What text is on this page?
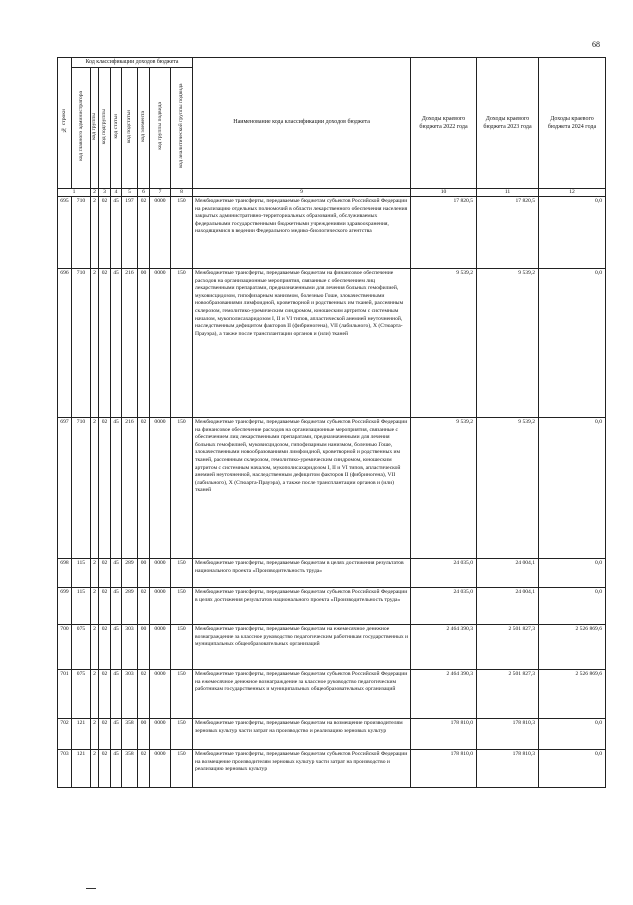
68
№ строки	Код классификации доходов бюджета								Наименование кода классификации доходов бюджета	Доходы краевого бюджета 2022 года	Доходы краевого бюджета 2023 года	Доходы краевого бюджета 2024 года
	код главного администратора	код группы	код подгруппы	код статьи	код подстатьи	код элемента	код группы подвида	код аналитической группы подвида				
1		2	3	4	5	6	7	8	9	10	11	12
695	710	2	02	45	197	02	0000	150	Межбюджетные трансферты, передаваемые бюджетам субъектов Российской Федерации на реализацию отдельных полномочий в области лекарственного обеспечения населения закрытых административно-территориальных образований, обслуживаемых федеральными государственными бюджетными учреждениями здравоохранения, находящимися в ведении Федерального медико-биологического агентства	17 820,5	17 820,5	0,0
696	710	2	02	45	216	00	0000	150	Межбюджетные трансферты, передаваемые бюджетам на финансовое обеспечение расходов на организационные мероприятия, связанные с обеспечением лиц лекарственными препаратами, предназначенными для лечения больных гемофилией, муковисцидозом, гипофизарным нанизмом, болезнью Гоше, злокачественными новообразованиями лимфоидной, кроветворной и родственных им тканей, рассеянным склерозом, гемолитико-уремическим синдромом, юношеским артритом с системным началом, мукополисахаридозом I, II и VI типов, апластической анемией неуточненной, наследственным дефицитом факторов II (фибриногена), VII (лабильного), X (Стюарта-Прауэра), а также после трансплантации органов и (или) тканей	9 539,2	9 539,2	0,0
697	710	2	02	45	216	02	0000	150	Межбюджетные трансферты, передаваемые бюджетам субъектов Российской Федерации на финансовое обеспечение расходов на организационные мероприятия, связанные с обеспечением лиц лекарственными препаратами, предназначенными для лечения больных гемофилией, муковисцидозом, гипофизарным нанизмом, болезнью Гоше, злокачественными новообразованиями лимфоидной, кроветворной и родственных им тканей, рассеянным склерозом, гемолитико-уремическим синдромом, юношеским артритом с системным началом, мукополисахаридозом I, II и VI типов, апластической анемией неуточненной, наследственным дефицитом факторов II (фибриногена), VII (лабильного), X (Стюарта-Прауэра), а также после трансплантации органов и (или) тканей	9 539,2	9 539,2	0,0
698	115	2	02	45	289	00	0000	150	Межбюджетные трансферты, передаваемые бюджетам в целях достижения результатов национального проекта «Производительность труда»	24 035,0	24 004,1	0,0
699	115	2	02	45	289	02	0000	150	Межбюджетные трансферты, передаваемые бюджетам субъектов Российской Федерации в целях достижения результатов национального проекта «Производительность труда»	24 035,0	24 004,1	0,0
700	075	2	02	45	303	00	0000	150	Межбюджетные трансферты, передаваемые бюджетам на ежемесячное денежное вознаграждение за классное руководство педагогическим работникам государственных и муниципальных общеобразовательных организаций	2 464 390,3	2 501 827,3	2 526 869,6
701	075	2	02	45	303	02	0000	150	Межбюджетные трансферты, передаваемые бюджетам субъектов Российской Федерации на ежемесячное денежное вознаграждение за классное руководство педагогическим работникам государственных и муниципальных общеобразовательных организаций	2 464 390,3	2 501 827,3	2 526 869,6
702	121	2	02	45	358	00	0000	150	Межбюджетные трансферты, передаваемые бюджетам на возмещение производителям зерновых культур части затрат на производство и реализацию зерновых культур	178 810,0	178 810,3	0,0
703	121	2	02	45	358	02	0000	150	Межбюджетные трансферты, передаваемые бюджетам субъектов Российской Федерации на возмещение производителям зерновых культур части затрат на производство и реализацию зерновых культур	178 810,0	178 810,3	0,0
